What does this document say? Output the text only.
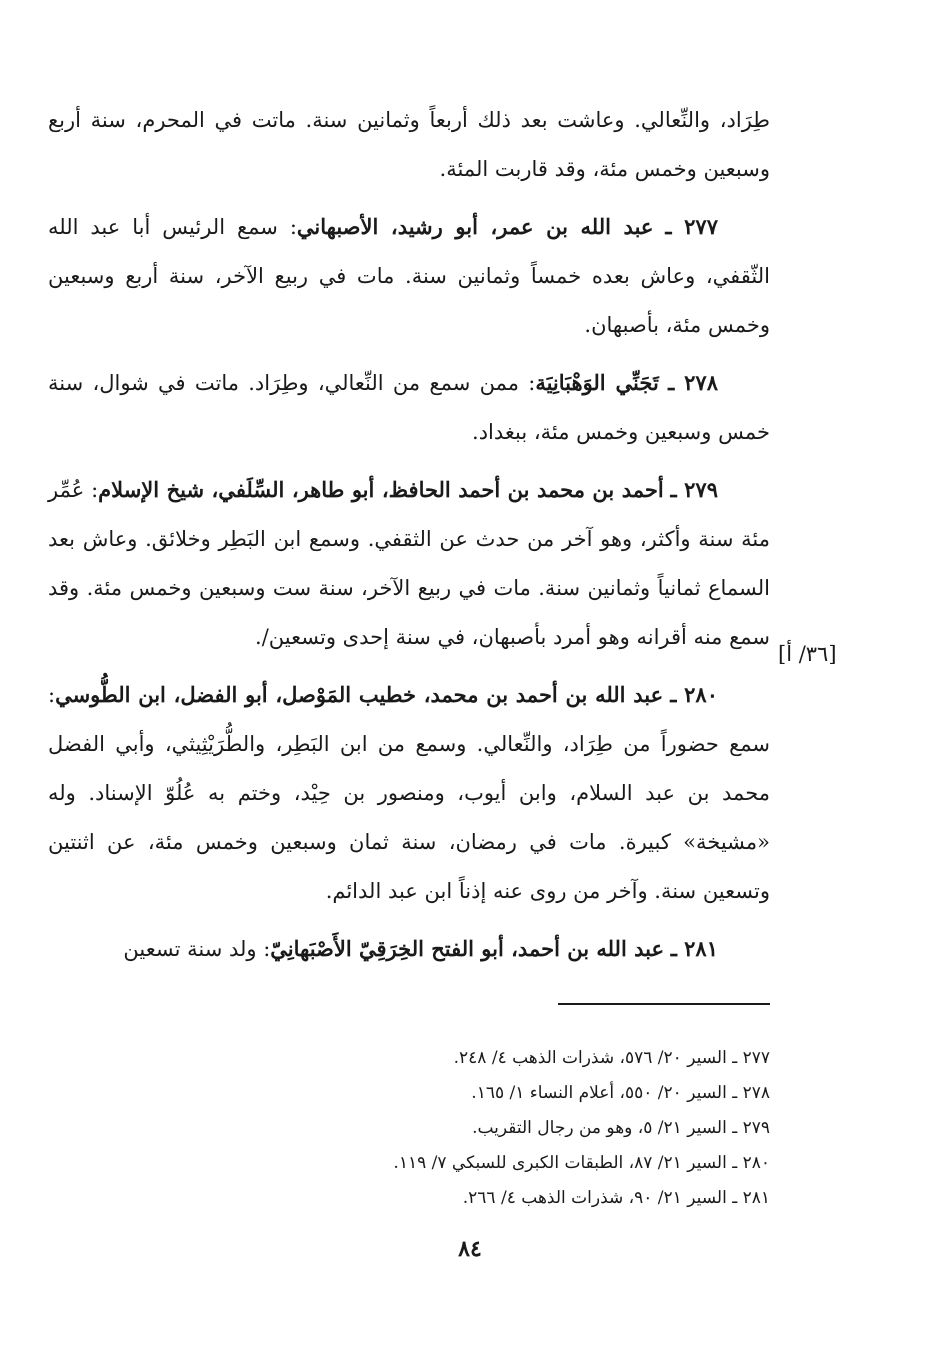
طِرَاد، والنِّعالي. وعاشت بعد ذلك أربعاً وثمانين سنة. ماتت في المحرم، سنة أربع وسبعين وخمس مئة، وقد قاربت المئة.

٢٧٧ ـ عبد الله بن عمر، أبو رشيد، الأصبهاني: سمع الرئيس أبا عبد الله الثّقفي، وعاش بعده خمساً وثمانين سنة. مات في ربيع الآخر، سنة أربع وسبعين وخمس مئة، بأصبهان.

٢٧٨ ـ تَجَنِّي الوَهْبَانِيَة: ممن سمع من النِّعالي، وطِرَاد. ماتت في شوال، سنة خمس وسبعين وخمس مئة، ببغداد.

٢٧٩ ـ أحمد بن محمد بن أحمد الحافظ، أبو طاهر، السِّلَفي، شيخ الإسلام: عُمِّر مئة سنة وأكثر، وهو آخر من حدث عن الثقفي. وسمع ابن البَطِر وخلائق. وعاش بعد السماع ثمانياً وثمانين سنة. مات في ربيع الآخر، سنة ست وسبعين وخمس مئة. وقد سمع منه أقرانه وهو أمرد بأصبهان، في سنة إحدى وتسعين/.

٢٨٠ ـ عبد الله بن أحمد بن محمد، خطيب المَوْصل، أبو الفضل، ابن الطُّوسي: سمع حضوراً من طِرَاد، والنِّعالي. وسمع من ابن البَطِر، والطُّرَيْثِيثي، وأبي الفضل محمد بن عبد السلام، وابن أيوب، ومنصور بن حِيْد، وختم به عُلُوّ الإسناد. وله «مشيخة» كبيرة. مات في رمضان، سنة ثمان وسبعين وخمس مئة، عن اثنتين وتسعين سنة. وآخر من روى عنه إذناً ابن عبد الدائم.

٢٨١ ـ عبد الله بن أحمد، أبو الفتح الخِرَقِيّ الأَصْبَهانِيّ: ولد سنة تسعين

[٣٦/ أ]

٢٧٧ ـ السير ٢٠/ ٥٧٦، شذرات الذهب ٤/ ٢٤٨.

٢٧٨ ـ السير ٢٠/ ٥٥٠، أعلام النساء ١/ ١٦٥.

٢٧٩ ـ السير ٢١/ ٥، وهو من رجال التقريب.

٢٨٠ ـ السير ٢١/ ٨٧، الطبقات الكبرى للسبكي ٧/ ١١٩.

٢٨١ ـ السير ٢١/ ٩٠، شذرات الذهب ٤/ ٢٦٦.

٨٤
